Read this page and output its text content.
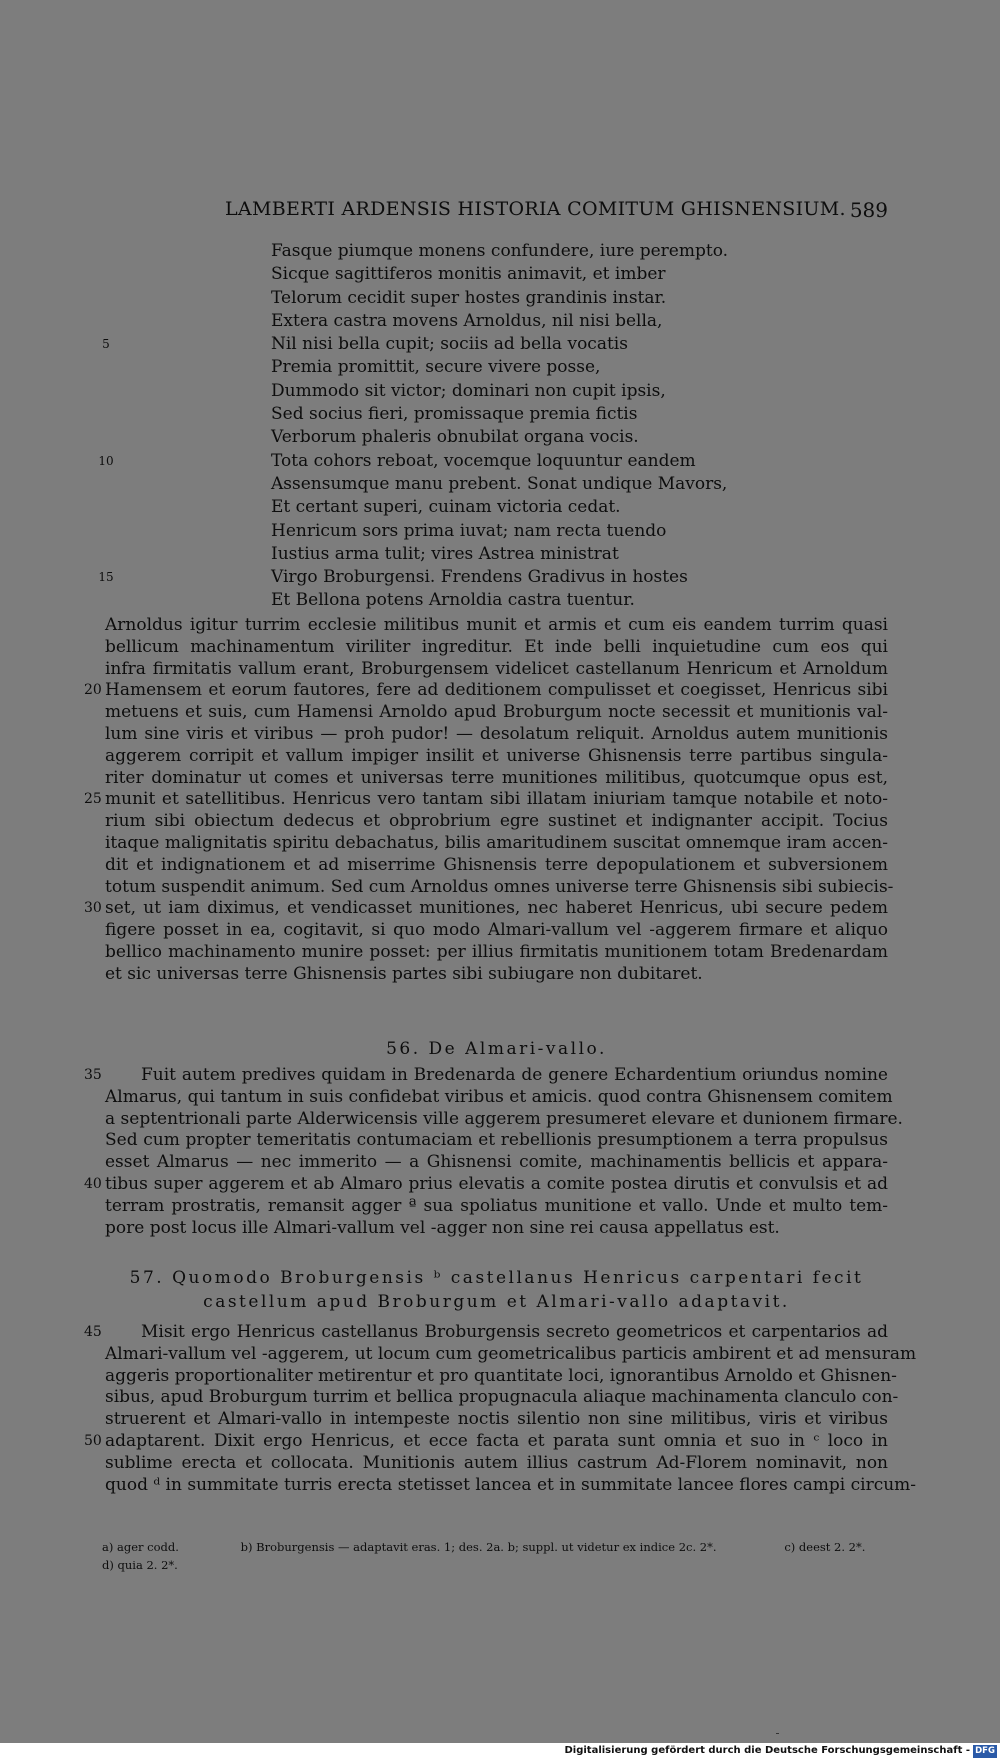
LAMBERTI ARDENSIS HISTORIA COMITUM GHISNENSIUM. 589
Fasque piumque monens confundere, iure perempto.
Sicque sagittiferos monitis animavit, et imber
Telorum cecidit super hostes grandinis instar.
Extera castra movens Arnoldus, nil nisi bella,
5	Nil nisi bella cupit; sociis ad bella vocatis
Premia promittit, secure vivere posse,
Dummodo sit victor; dominari non cupit ipsis,
Sed socius fieri, promissaque premia fictis
Verborum phaleris obnubilat organa vocis.
10	Tota cohors reboat, vocemque loquuntur eandem
Assensumque manu prebent. Sonat undique Mavors,
Et certant superi, cuinam victoria cedat.
Henricum sors prima iuvat; nam recta tuendo
Iustius arma tulit; vires Astrea ministrat
15	Virgo Broburgensi. Frendens Gradivus in hostes
Et Bellona potens Arnoldia castra tuentur.
Arnoldus igitur turrim ecclesie militibus munit et armis et cum eis eandem turrim quasi
bellicum machinamentum viriliter ingreditur. Et inde belli inquietudine cum eos qui
infra firmitatis vallum erant, Broburgensem videlicet castellanum Henricum et Arnoldum
20 Hamensem et eorum fautores, fere ad deditionem compulisset et coegisset, Henricus sibi
metuens et suis, cum Hamensi Arnoldo apud Broburgum nocte secessit et munitionis val-
lum sine viris et viribus — proh pudor! — desolatum reliquit. Arnoldus autem munitionis
aggerem corripit et vallum impiger insilit et universe Ghisnensis terre partibus singula-
riter dominatur ut comes et universas terre munitiones militibus, quotcumque opus est,
25 munit et satellitibus. Henricus vero tantam sibi illatam iniuriam tamque notabile et noto-
rium sibi obiectum dedecus et obprobrium egre sustinet et indignanter accipit. Tocius
itaque malignitatis spiritu debachatus, bilis amaritudinem suscitat omnemque iram accen-
dit et indignationem et ad miserrime Ghisnensis terre depopulationem et subversionem
totum suspendit animum. Sed cum Arnoldus omnes universe terre Ghisnensis sibi subiecis-
30 set, ut iam diximus, et vendicasset munitiones, nec haberet Henricus, ubi secure pedem
figere posset in ea, cogitavit, si quo modo Almari-vallum vel -aggerem firmare et aliquo
bellico machinamento munire posset: per illius firmitatis munitionem totam Bredenardam
et sic universas terre Ghisnensis partes sibi subiugare non dubitaret.
56. De Almari-vallo.
35	Fuit autem predives quidam in Bredenarda de genere Echardentium oriundus nomine
Almarus, qui tantum in suis confidebat viribus et amicis. quod contra Ghisnensem comitem
a septentrionali parte Alderwicensis ville aggerem presumeret elevare et dunionem firmare.
Sed cum propter temeritatis contumaciam et rebellionis presumptionem a terra propulsus
esset Almarus — nec immerito — a Ghisnensi comite, machinamentis bellicis et appara-
40 tibus super aggerem et ab Almaro prius elevatis a comite postea dirutis et convulsis et ad
terram prostratis, remansit agger ª sua spoliatus munitione et vallo. Unde et multo tem-
pore post locus ille Almari-vallum vel -agger non sine rei causa appellatus est.
57. Quomodo Broburgensis ᵇ castellanus Henricus carpentari fecit
castellum apud Broburgum et Almari-vallo adaptavit.
45	Misit ergo Henricus castellanus Broburgensis secreto geometricos et carpentarios ad
Almari-vallum vel -aggerem, ut locum cum geometricalibus particis ambirent et ad mensuram
aggeris proportionaliter metirentur et pro quantitate loci, ignorantibus Arnoldo et Ghisnen-
sibus, apud Broburgum turrim et bellica propugnacula aliaque machinamenta clanculo con-
struerent et Almari-vallo in intempeste noctis silentio non sine militibus, viris et viribus
50 adaptarent. Dixit ergo Henricus, et ecce facta et parata sunt omnia et suo in ᶜ loco in
sublime erecta et collocata. Munitionis autem illius castrum Ad-Florem nominavit, non
quod ᵈ in summitate turris erecta stetisset lancea et in summitate lancee flores campi circum-
a) ager codd.	b) Broburgensis — adaptavit eras. 1; des. 2a. b; suppl. ut videtur ex indice 2c. 2*.	c) deest 2. 2*.
d) quia 2. 2*.
Digitalisierung gefördert durch die Deutsche Forschungsgemeinschaft - DFG
